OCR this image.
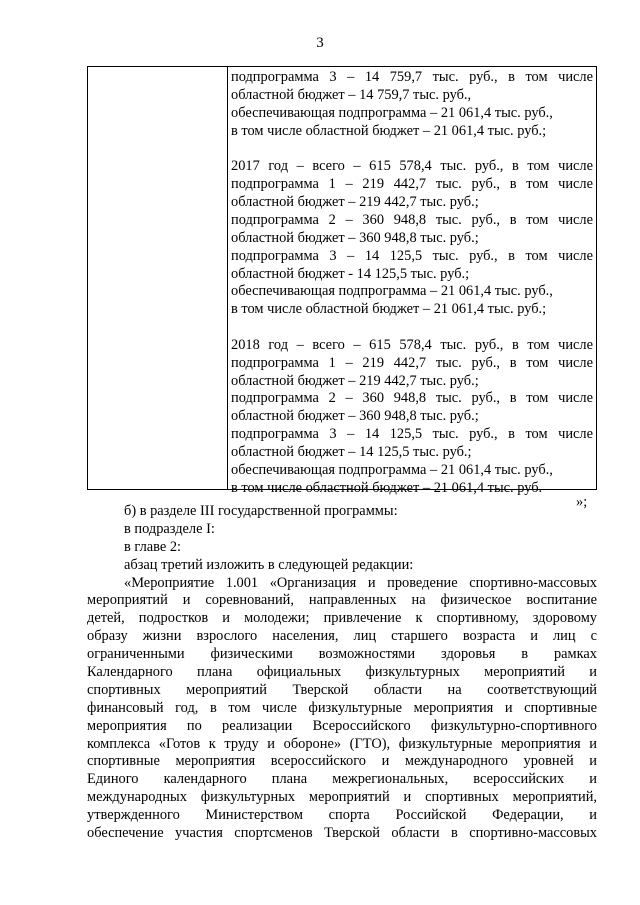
3
подпрограмма 3 – 14 759,7 тыс. руб., в том числе
областной бюджет – 14 759,7 тыс. руб.,
обеспечивающая подпрограмма – 21 061,4 тыс. руб.,
в том числе областной бюджет – 21 061,4 тыс. руб.;
2017 год – всего – 615 578,4 тыс. руб., в том числе
подпрограмма 1 – 219 442,7 тыс. руб., в том числе
областной бюджет – 219 442,7 тыс. руб.;
подпрограмма 2 – 360 948,8 тыс. руб., в том числе
областной бюджет – 360 948,8 тыс. руб.;
подпрограмма 3 – 14 125,5 тыс. руб., в том числе
областной бюджет - 14 125,5 тыс. руб.;
обеспечивающая подпрограмма – 21 061,4 тыс. руб.,
в том числе областной бюджет – 21 061,4 тыс. руб.;
2018 год – всего – 615 578,4 тыс. руб., в том числе
подпрограмма 1 – 219 442,7 тыс. руб., в том числе
областной бюджет – 219 442,7 тыс. руб.;
подпрограмма 2 – 360 948,8 тыс. руб., в том числе
областной бюджет – 360 948,8 тыс. руб.;
подпрограмма 3 – 14 125,5 тыс. руб., в том числе
областной бюджет – 14 125,5 тыс. руб.;
обеспечивающая подпрограмма – 21 061,4 тыс. руб.,
в том числе областной бюджет – 21 061,4 тыс. руб.
»;
б) в разделе III государственной программы:
в подразделе I:
в главе 2:
абзац третий изложить в следующей редакции:
«Мероприятие 1.001 «Организация и проведение спортивно-массовых
мероприятий и соревнований, направленных на физическое воспитание
детей, подростков и молодежи; привлечение к спортивному, здоровому
образу жизни взрослого населения, лиц старшего возраста и лиц с
ограниченными физическими возможностями здоровья в рамках
Календарного плана официальных физкультурных мероприятий и
спортивных мероприятий Тверской области на соответствующий
финансовый год, в том числе физкультурные мероприятия и спортивные
мероприятия по реализации Всероссийского физкультурно-спортивного
комплекса «Готов к труду и обороне» (ГТО), физкультурные мероприятия и
спортивные мероприятия всероссийского и международного уровней и
Единого календарного плана межрегиональных, всероссийских и
международных физкультурных мероприятий и спортивных мероприятий,
утвержденного Министерством спорта Российской Федерации, и
обеспечение участия спортсменов Тверской области в спортивно-массовых
